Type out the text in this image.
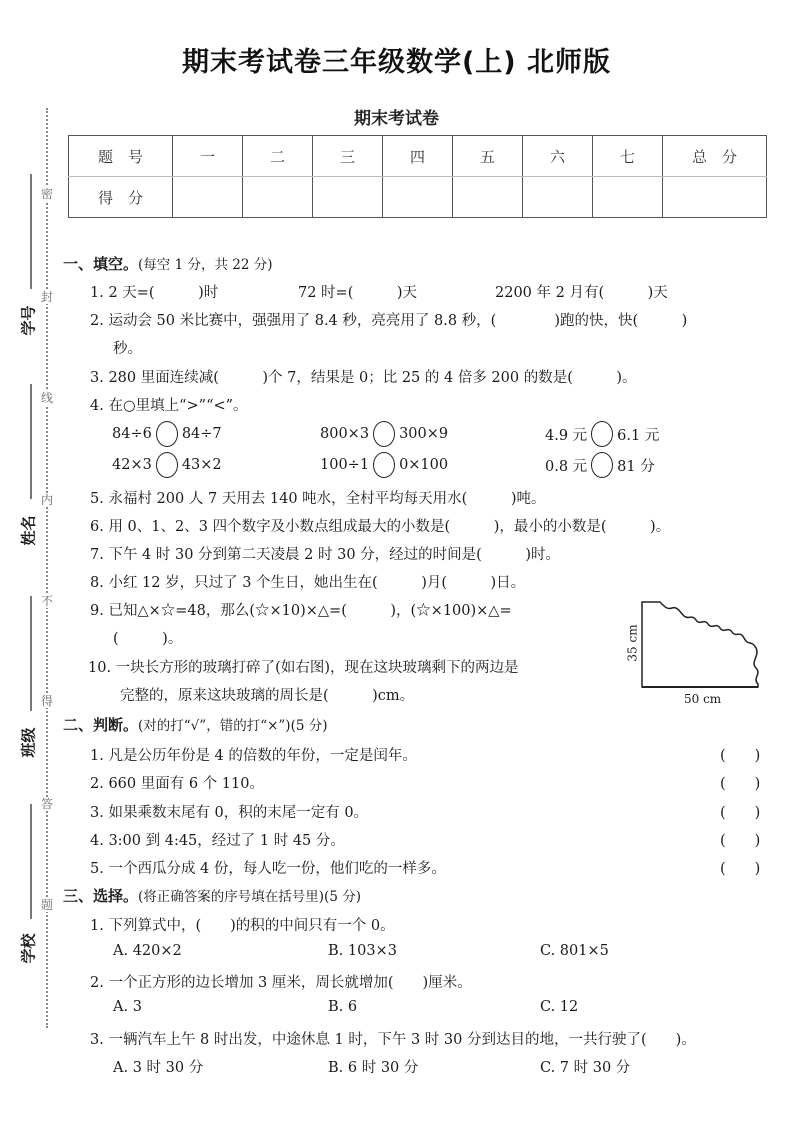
期末考试卷三年级数学(上) 北师版
期末考试卷
题　号	一	二	三	四	五	六	七	总　分
得　分								
密
封
线
内
不
得
答
题
学号
姓名
班级
学校
一、填空。(每空 1 分，共 22 分)
1. 2 天=(　　　)时	72 时=(　　　)天	2200 年 2 月有(　　　)天
2. 运动会 50 米比赛中，强强用了 8.4 秒，亮亮用了 8.8 秒，(　　　　)跑的快，快(　　　)
秒。
3. 280 里面连续减(　　　)个 7，结果是 0；比 25 的 4 倍多 200 的数是(　　　)。
4. 在○里填上“>”“<”。
84÷6 84÷7	800×3 300×9	4.9 元 6.1 元
42×3 43×2	100÷1 0×100	0.8 元 81 分
5. 永福村 200 人 7 天用去 140 吨水，全村平均每天用水(　　　)吨。
6. 用 0、1、2、3 四个数字及小数点组成最大的小数是(　　　)，最小的小数是(　　　)。
7. 下午 4 时 30 分到第二天凌晨 2 时 30 分，经过的时间是(　　　)时。
8. 小红 12 岁，只过了 3 个生日，她出生在(　　　)月(　　　)日。
9. 已知△×☆=48，那么(☆×10)×△=(　　　)，(☆×100)×△=
(　　　)。
10. 一块长方形的玻璃打碎了(如右图)，现在这块玻璃剩下的两边是
完整的，原来这块玻璃的周长是(　　　)cm。
35 cm
50 cm
二、判断。(对的打“√”，错的打“×”)(5 分)
1. 凡是公历年份是 4 的倍数的年份，一定是闰年。	(　　)
2. 660 里面有 6 个 110。	(　　)
3. 如果乘数末尾有 0，积的末尾一定有 0。	(　　)
4. 3:00 到 4:45，经过了 1 时 45 分。	(　　)
5. 一个西瓜分成 4 份，每人吃一份，他们吃的一样多。	(　　)
三、选择。(将正确答案的序号填在括号里)(5 分)
1. 下列算式中，(　　)的积的中间只有一个 0。
A. 420×2	B. 103×3	C. 801×5
2. 一个正方形的边长增加 3 厘米，周长就增加(　　)厘米。
A. 3	B. 6	C. 12
3. 一辆汽车上午 8 时出发，中途休息 1 时，下午 3 时 30 分到达目的地，一共行驶了(　　)。
A. 3 时 30 分	B. 6 时 30 分	C. 7 时 30 分
